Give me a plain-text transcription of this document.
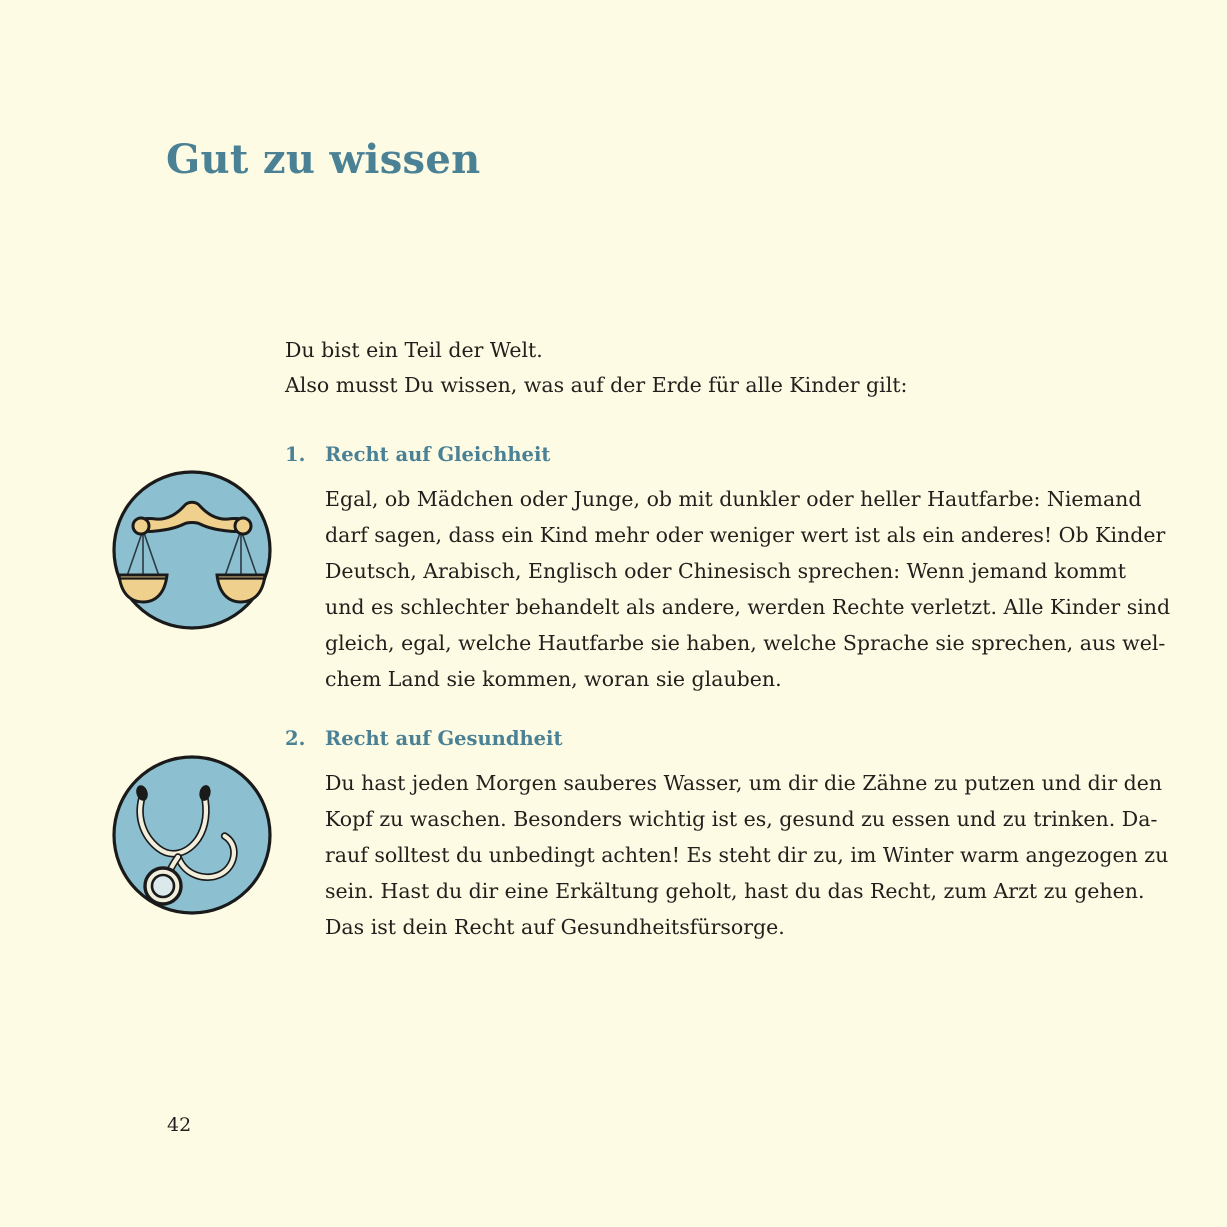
Gut zu wissen
Du bist ein Teil der Welt.
Also musst Du wissen, was auf der Erde für alle Kinder gilt:
1. Recht auf Gleichheit
Egal, ob Mädchen oder Junge, ob mit dunkler oder heller Hautfarbe: Niemand
darf sagen, dass ein Kind mehr oder weniger wert ist als ein anderes! Ob Kinder
Deutsch, Arabisch, Englisch oder Chinesisch sprechen: Wenn jemand kommt
und es schlechter behandelt als andere, werden Rechte verletzt. Alle Kinder sind
gleich, egal, welche Hautfarbe sie haben, welche Sprache sie sprechen, aus wel-
chem Land sie kommen, woran sie glauben.
2. Recht auf Gesundheit
Du hast jeden Morgen sauberes Wasser, um dir die Zähne zu putzen und dir den
Kopf zu waschen. Besonders wichtig ist es, gesund zu essen und zu trinken. Da-
rauf solltest du unbedingt achten! Es steht dir zu, im Winter warm angezogen zu
sein. Hast du dir eine Erkältung geholt, hast du das Recht, zum Arzt zu gehen.
Das ist dein Recht auf Gesundheitsfürsorge.
42
